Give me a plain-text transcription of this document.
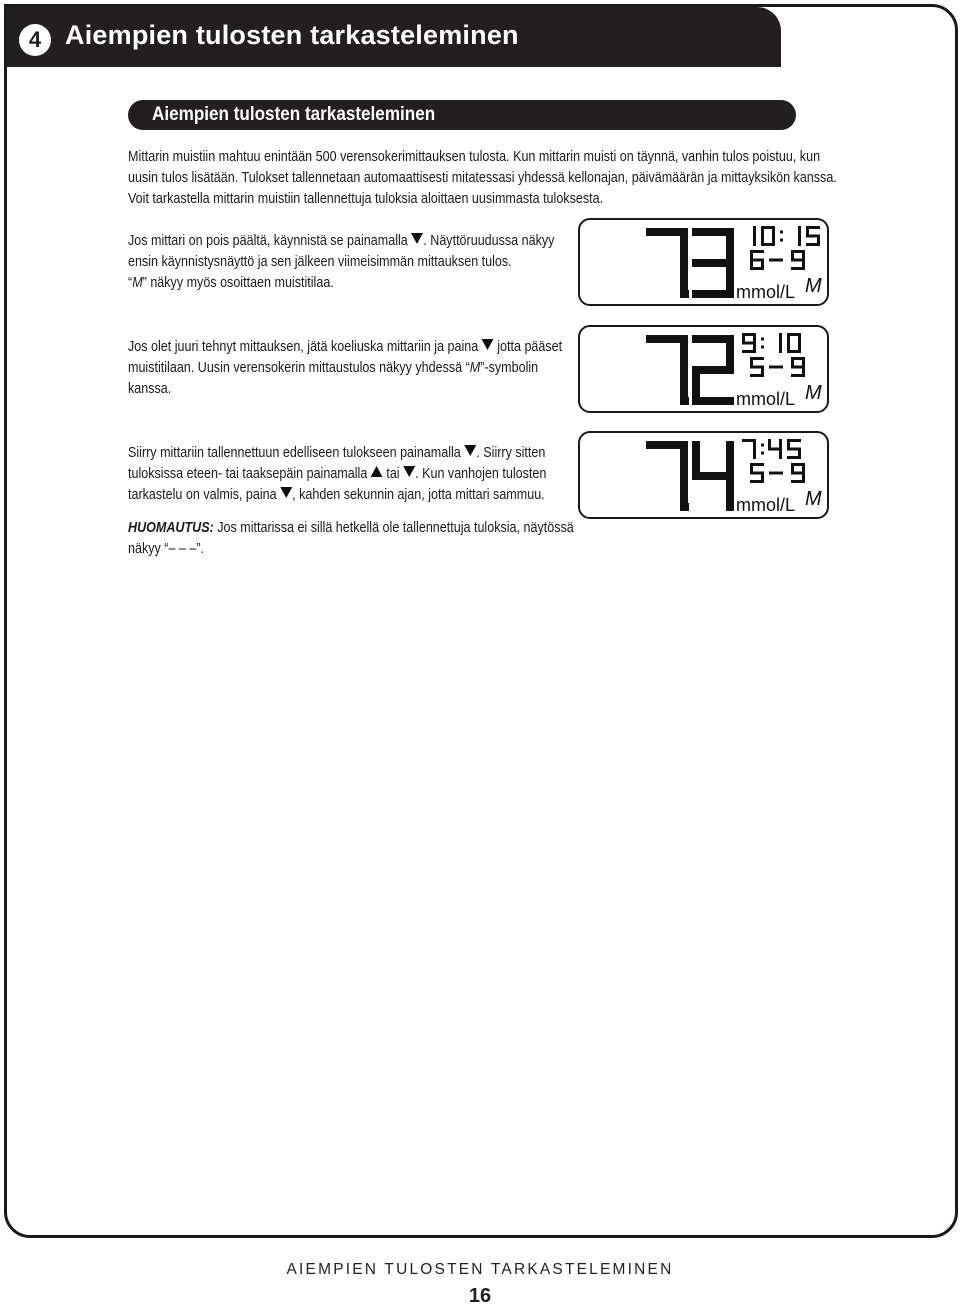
4 Aiempien tulosten tarkasteleminen
Aiempien tulosten tarkasteleminen
Mittarin muistiin mahtuu enintään 500 verensokerimittauksen tulosta. Kun mittarin muisti on täynnä, vanhin tulos poistuu, kun
uusin tulos lisätään. Tulokset tallennetaan automaattisesti mitatessasi yhdessä kellonajan, päivämäärän ja mittayksikön kanssa.
Voit tarkastella mittarin muistiin tallennettuja tuloksia aloittaen uusimmasta tuloksesta.
Jos mittari on pois päältä, käynnistä se painamalla . Näyttöruudussa näkyy
ensin käynnistysnäyttö ja sen jälkeen viimeisimmän mittauksen tulos.
“M” näkyy myös osoittaen muistitilaa.
Jos olet juuri tehnyt mittauksen, jätä koeliuska mittariin ja paina jotta pääset
muistitilaan. Uusin verensokerin mittaustulos näkyy yhdessä “M”-symbolin
kanssa.
Siirry mittariin tallennettuun edelliseen tulokseen painamalla . Siirry sitten
tuloksissa eteen- tai taaksepäin painamalla tai . Kun vanhojen tulosten
tarkastelu on valmis, paina , kahden sekunnin ajan, jotta mittari sammuu.
HUOMAUTUS: Jos mittarissa ei sillä hetkellä ole tallennettuja tuloksia, näytössä
näkyy “– – –”.
mmol/L M
mmol/L M
mmol/L M
AIEMPIEN TULOSTEN TARKASTELEMINEN
16
